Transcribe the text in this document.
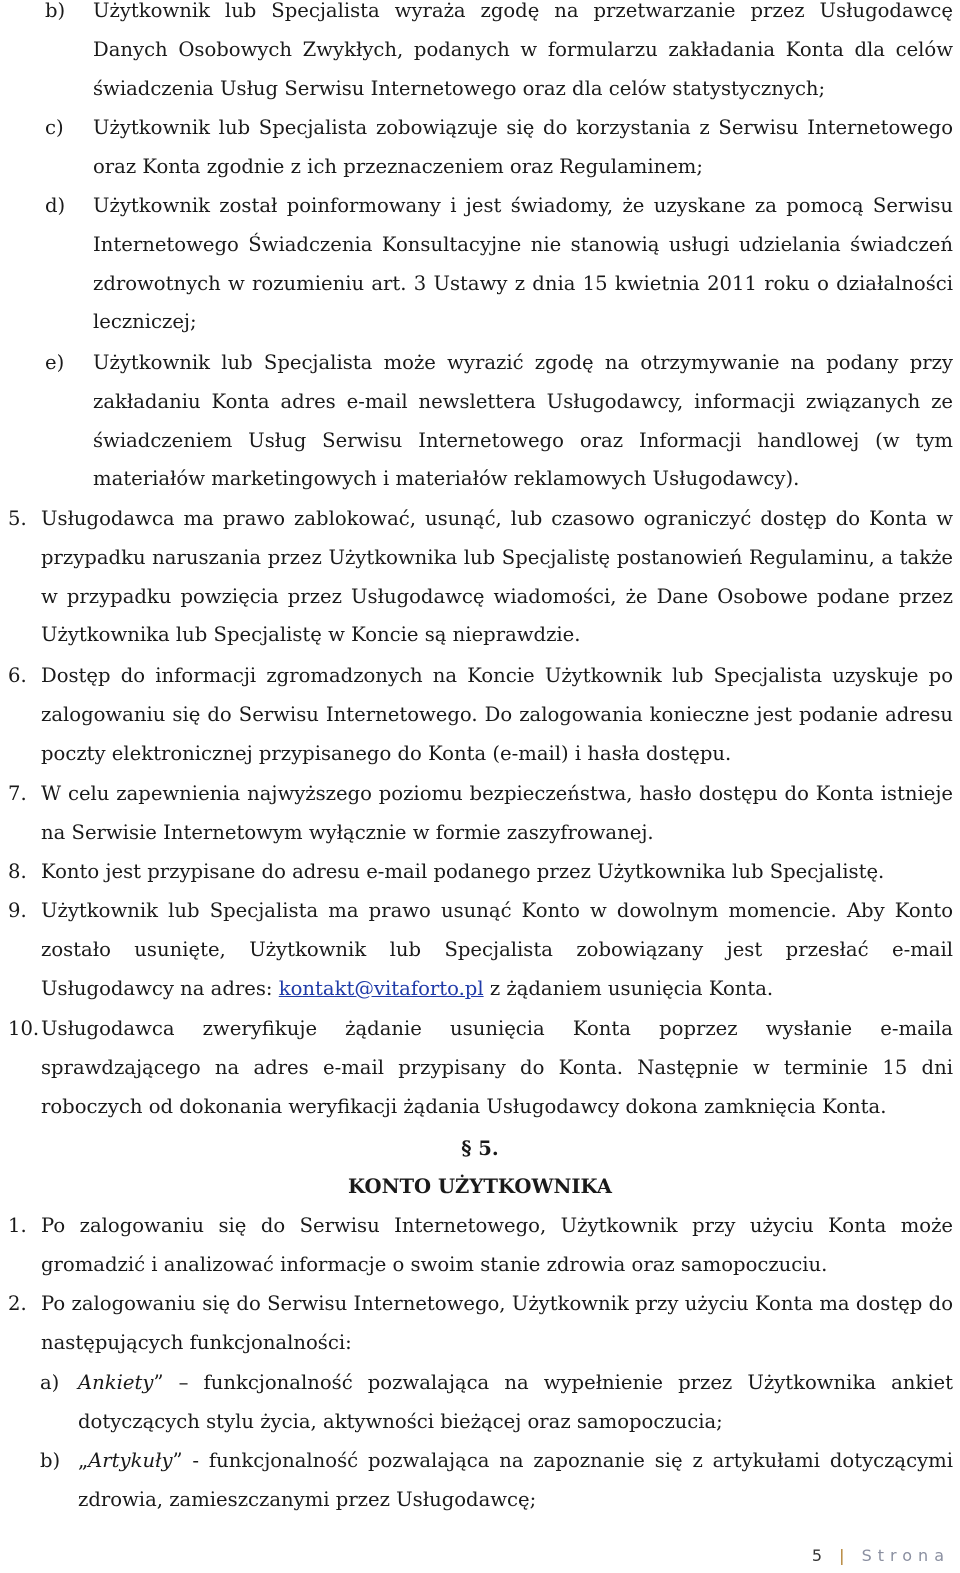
b)	Użytkownik lub Specjalista wyraża zgodę na przetwarzanie przez Usługodawcę Danych Osobowych Zwykłych, podanych w formularzu zakładania Konta dla celów świadczenia Usług Serwisu Internetowego oraz dla celów statystycznych;
c)	Użytkownik lub Specjalista zobowiązuje się do korzystania z Serwisu Internetowego oraz Konta zgodnie z ich przeznaczeniem oraz Regulaminem;
d)	Użytkownik został poinformowany i jest świadomy, że uzyskane za pomocą Serwisu Internetowego Świadczenia Konsultacyjne nie stanowią usługi udzielania świadczeń zdrowotnych w rozumieniu art. 3 Ustawy z dnia 15 kwietnia 2011 roku o działalności leczniczej;
e)	Użytkownik lub Specjalista może wyrazić zgodę na otrzymywanie na podany przy zakładaniu Konta adres e-mail newslettera Usługodawcy, informacji związanych ze świadczeniem Usług Serwisu Internetowego oraz Informacji handlowej (w tym materiałów marketingowych i materiałów reklamowych Usługodawcy).
5. Usługodawca ma prawo zablokować, usunąć, lub czasowo ograniczyć dostęp do Konta w przypadku naruszania przez Użytkownika lub Specjalistę postanowień Regulaminu, a także w przypadku powzięcia przez Usługodawcę wiadomości, że Dane Osobowe podane przez Użytkownika lub Specjalistę w Koncie są nieprawdzie.
6. Dostęp do informacji zgromadzonych na Koncie Użytkownik lub Specjalista uzyskuje po zalogowaniu się do Serwisu Internetowego. Do zalogowania konieczne jest podanie adresu poczty elektronicznej przypisanego do Konta (e-mail) i hasła dostępu.
7. W celu zapewnienia najwyższego poziomu bezpieczeństwa, hasło dostępu do Konta istnieje na Serwisie Internetowym wyłącznie w formie zaszyfrowanej.
8. Konto jest przypisane do adresu e-mail podanego przez Użytkownika lub Specjalistę.
9. Użytkownik lub Specjalista ma prawo usunąć Konto w dowolnym momencie. Aby Konto zostało usunięte, Użytkownik lub Specjalista zobowiązany jest przesłać e-mail Usługodawcy na adres: kontakt@vitaforto.pl z żądaniem usunięcia Konta.
10. Usługodawca zweryfikuje żądanie usunięcia Konta poprzez wysłanie e-maila sprawdzającego na adres e-mail przypisany do Konta. Następnie w terminie 15 dni roboczych od dokonania weryfikacji żądania Usługodawcy dokona zamknięcia Konta.
§ 5.
KONTO UŻYTKOWNIKA
1. Po zalogowaniu się do Serwisu Internetowego, Użytkownik przy użyciu Konta może gromadzić i analizować informacje o swoim stanie zdrowia oraz samopoczuciu.
2. Po zalogowaniu się do Serwisu Internetowego, Użytkownik przy użyciu Konta ma dostęp do następujących funkcjonalności:
a) Ankiety” – funkcjonalność pozwalająca na wypełnienie przez Użytkownika ankiet dotyczących stylu życia, aktywności bieżącej oraz samopoczucia;
b) „Artykuły” - funkcjonalność pozwalająca na zapoznanie się z artykułami dotyczącymi zdrowia, zamieszczanymi przez Usługodawcę;
5 | Strona
